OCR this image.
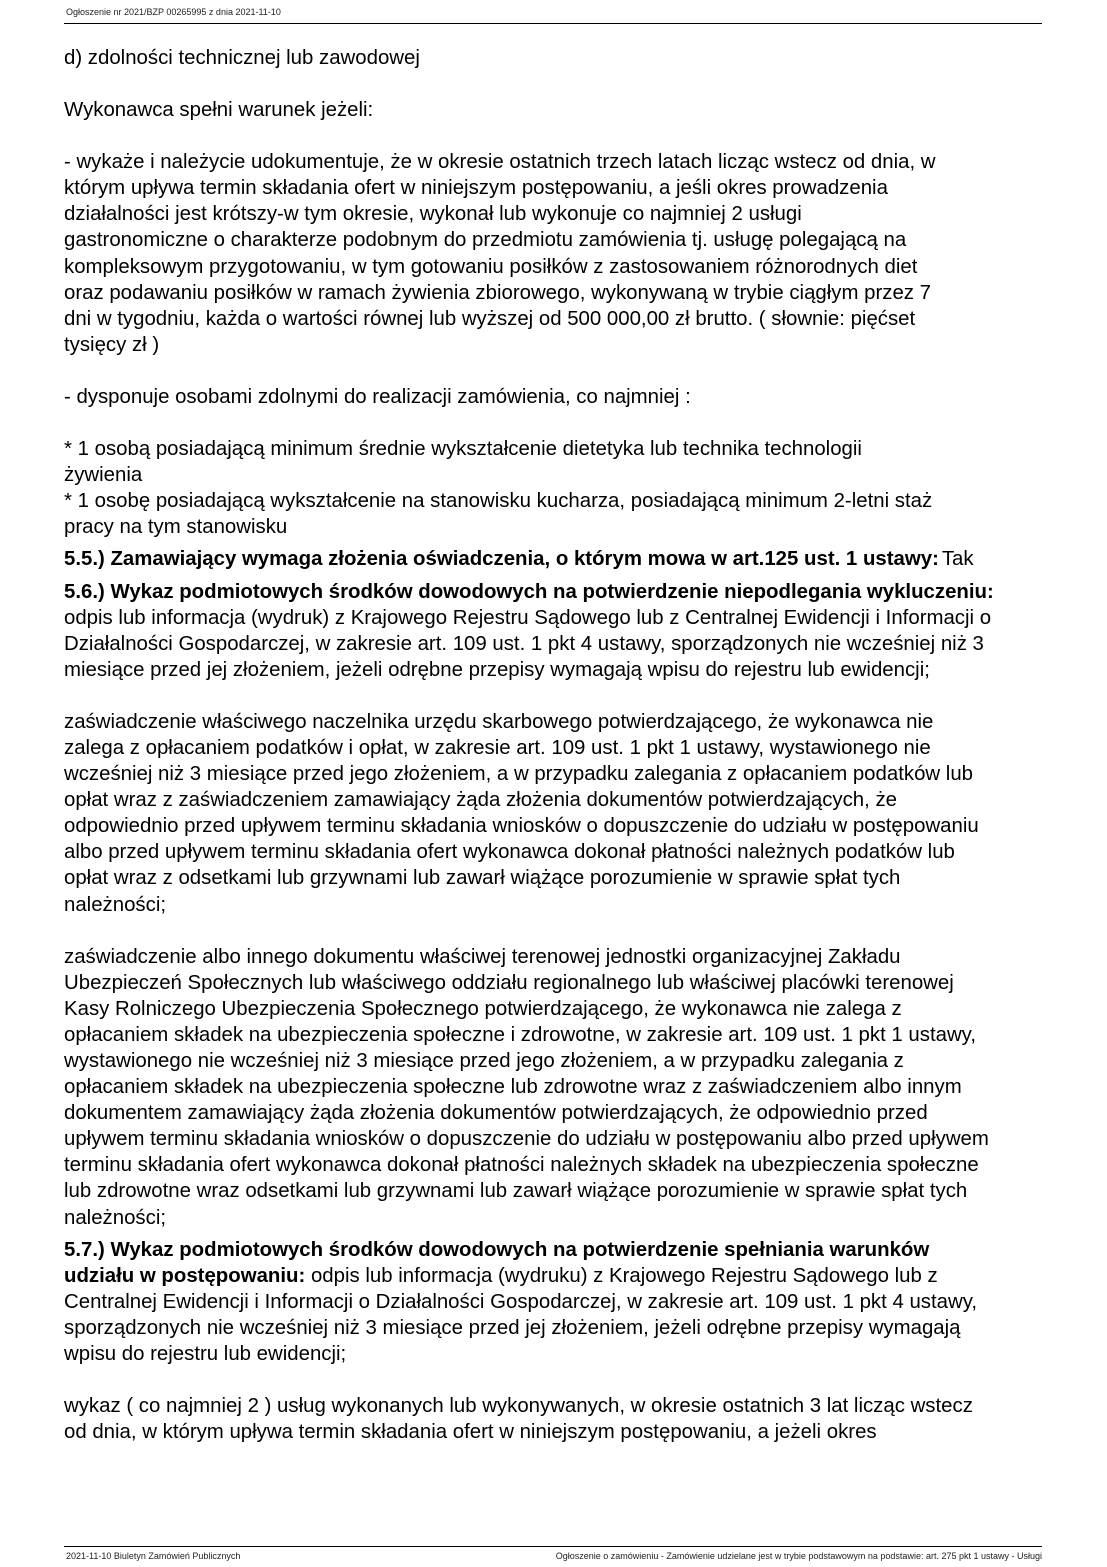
Ogłoszenie nr 2021/BZP 00265995 z dnia 2021-11-10

d) zdolności technicznej lub zawodowej

Wykonawca spełni warunek jeżeli:

- wykaże i należycie udokumentuje, że w okresie ostatnich trzech latach licząc wstecz od dnia, w
którym upływa termin składania ofert w niniejszym postępowaniu, a jeśli okres prowadzenia
działalności jest krótszy-w tym okresie, wykonał lub wykonuje co najmniej 2 usługi
gastronomiczne o charakterze podobnym do przedmiotu zamówienia tj. usługę polegającą na
kompleksowym przygotowaniu, w tym gotowaniu posiłków z zastosowaniem różnorodnych diet
oraz podawaniu posiłków w ramach żywienia zbiorowego, wykonywaną w trybie ciągłym przez 7
dni w tygodniu, każda o wartości równej lub wyższej od 500 000,00 zł brutto. ( słownie: pięćset
tysięcy zł )

- dysponuje osobami zdolnymi do realizacji zamówienia, co najmniej :

* 1 osobą posiadającą minimum średnie wykształcenie dietetyka lub technika technologii
żywienia
* 1 osobę posiadającą wykształcenie na stanowisku kucharza, posiadającą minimum 2-letni staż
pracy na tym stanowisku

5.5.) Zamawiający wymaga złożenia oświadczenia, o którym mowa w art.125 ust. 1 ustawy: Tak

5.6.) Wykaz podmiotowych środków dowodowych na potwierdzenie niepodlegania wykluczeniu:
odpis lub informacja (wydruk) z Krajowego Rejestru Sądowego lub z Centralnej Ewidencji i Informacji o
Działalności Gospodarczej, w zakresie art. 109 ust. 1 pkt 4 ustawy, sporządzonych nie wcześniej niż 3
miesiące przed jej złożeniem, jeżeli odrębne przepisy wymagają wpisu do rejestru lub ewidencji;

zaświadczenie właściwego naczelnika urzędu skarbowego potwierdzającego, że wykonawca nie
zalega z opłacaniem podatków i opłat, w zakresie art. 109 ust. 1 pkt 1 ustawy, wystawionego nie
wcześniej niż 3 miesiące przed jego złożeniem, a w przypadku zalegania z opłacaniem podatków lub
opłat wraz z zaświadczeniem zamawiający żąda złożenia dokumentów potwierdzających, że
odpowiednio przed upływem terminu składania wniosków o dopuszczenie do udziału w postępowaniu
albo przed upływem terminu składania ofert wykonawca dokonał płatności należnych podatków lub
opłat wraz z odsetkami lub grzywnami lub zawarł wiążące porozumienie w sprawie spłat tych
należności;

zaświadczenie albo innego dokumentu właściwej terenowej jednostki organizacyjnej Zakładu
Ubezpieczeń Społecznych lub właściwego oddziału regionalnego lub właściwej placówki terenowej
Kasy Rolniczego Ubezpieczenia Społecznego potwierdzającego, że wykonawca nie zalega z
opłacaniem składek na ubezpieczenia społeczne i zdrowotne, w zakresie art. 109 ust. 1 pkt 1 ustawy,
wystawionego nie wcześniej niż 3 miesiące przed jego złożeniem, a w przypadku zalegania z
opłacaniem składek na ubezpieczenia społeczne lub zdrowotne wraz z zaświadczeniem albo innym
dokumentem zamawiający żąda złożenia dokumentów potwierdzających, że odpowiednio przed
upływem terminu składania wniosków o dopuszczenie do udziału w postępowaniu albo przed upływem
terminu składania ofert wykonawca dokonał płatności należnych składek na ubezpieczenia społeczne
lub zdrowotne wraz odsetkami lub grzywnami lub zawarł wiążące porozumienie w sprawie spłat tych
należności;

5.7.) Wykaz podmiotowych środków dowodowych na potwierdzenie spełniania warunków
udziału w postępowaniu: odpis lub informacja (wydruku) z Krajowego Rejestru Sądowego lub z
Centralnej Ewidencji i Informacji o Działalności Gospodarczej, w zakresie art. 109 ust. 1 pkt 4 ustawy,
sporządzonych nie wcześniej niż 3 miesiące przed jej złożeniem, jeżeli odrębne przepisy wymagają
wpisu do rejestru lub ewidencji;

wykaz ( co najmniej 2 ) usług wykonanych lub wykonywanych, w okresie ostatnich 3 lat licząc wstecz
od dnia, w którym upływa termin składania ofert w niniejszym postępowaniu, a jeżeli okres

2021-11-10 Biuletyn Zamówień Publicznych	Ogłoszenie o zamówieniu - Zamówienie udzielane jest w trybie podstawowym na podstawie: art. 275 pkt 1 ustawy - Usługi
